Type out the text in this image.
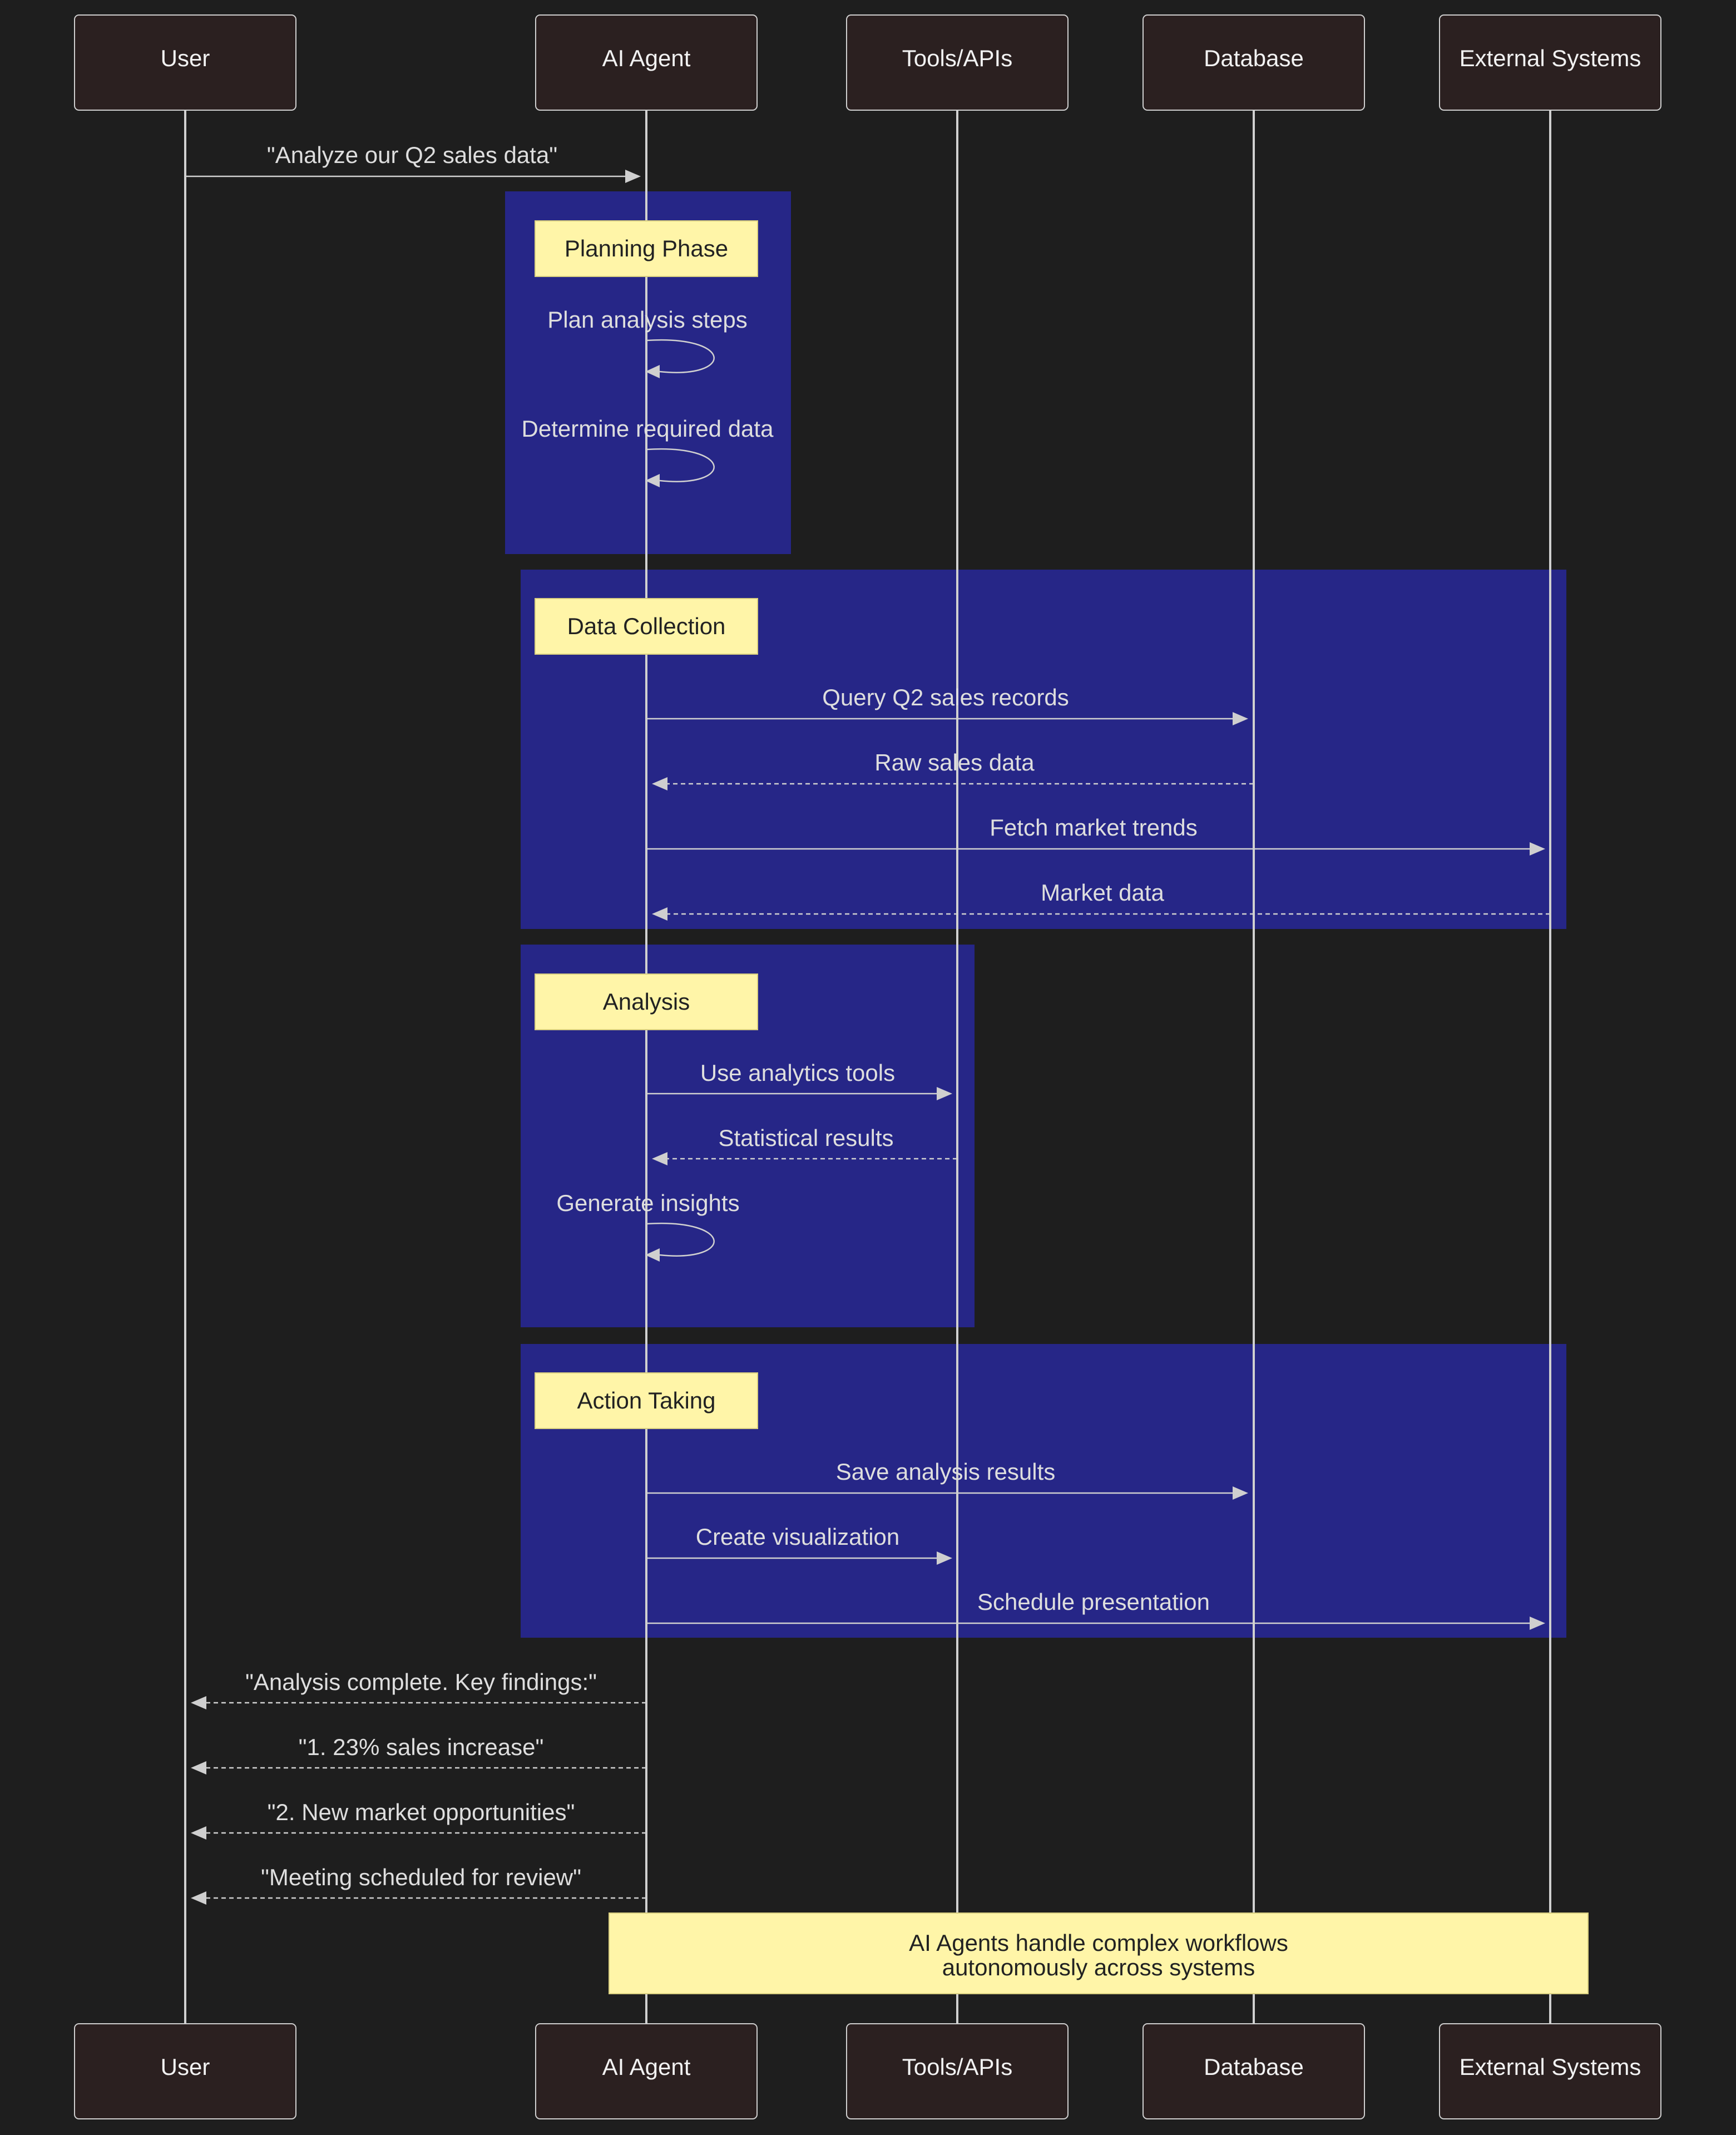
User	AI Agent	Tools/APIs	Database	External Systems
User	AI Agent	Tools/APIs	Database	External Systems
Planning Phase
Data Collection
Analysis
Action Taking
"Analyze our Q2 sales data"
Plan analysis steps
Determine required data
Query Q2 sales records
Raw sales data
Fetch market trends
Market data
Use analytics tools
Statistical results
Generate insights
Save analysis results
Create visualization
Schedule presentation
"Analysis complete. Key findings:"
"1. 23% sales increase"
"2. New market opportunities"
"Meeting scheduled for review"
AI Agents handle complex workflows
autonomously across systems
